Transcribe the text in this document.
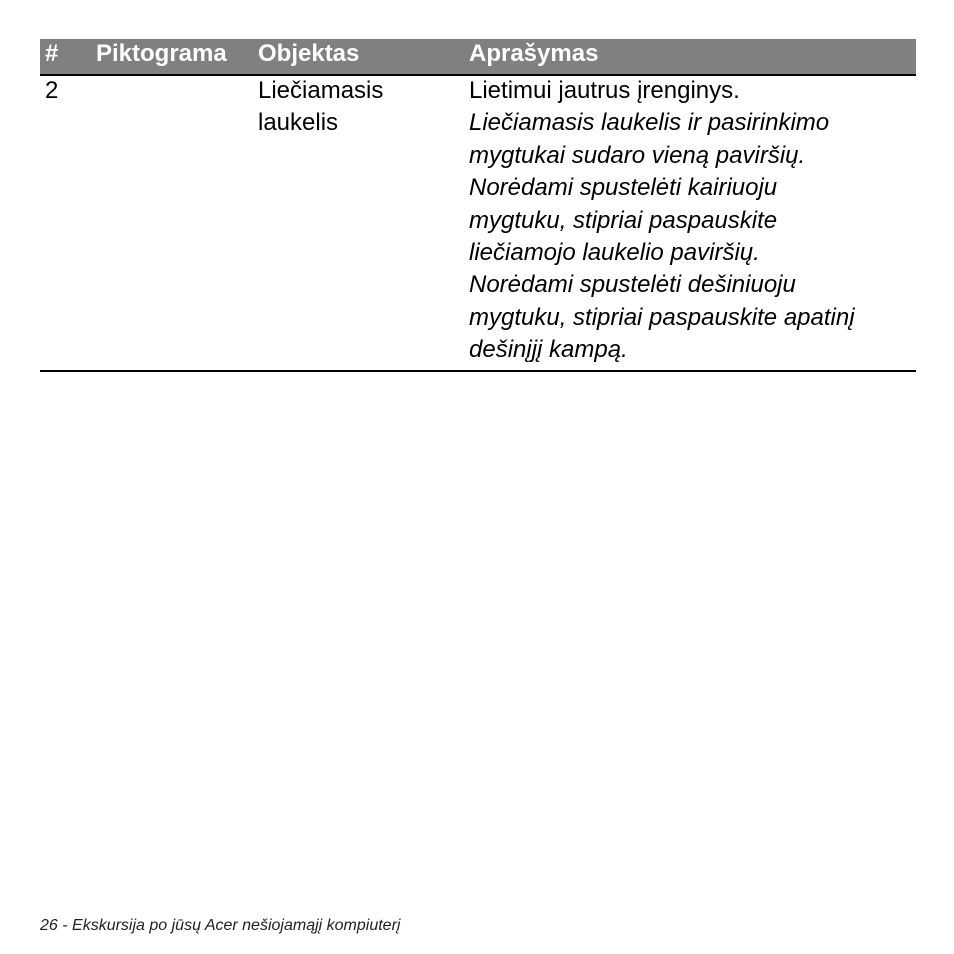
# Piktograma Objektas	Aprašymas
2	Liečiamasis
laukelis
Lietimui jautrus įrenginys.
Liečiamasis laukelis ir pasirinkimo
mygtukai sudaro vieną paviršių.
Norėdami spustelėti kairiuoju
mygtuku, stipriai paspauskite
liečiamojo laukelio paviršių.
Norėdami spustelėti dešiniuoju
mygtuku, stipriai paspauskite apatinį
dešinįjį kampą.
26 - Ekskursija po jūsų Acer nešiojamąjį kompiuterį
